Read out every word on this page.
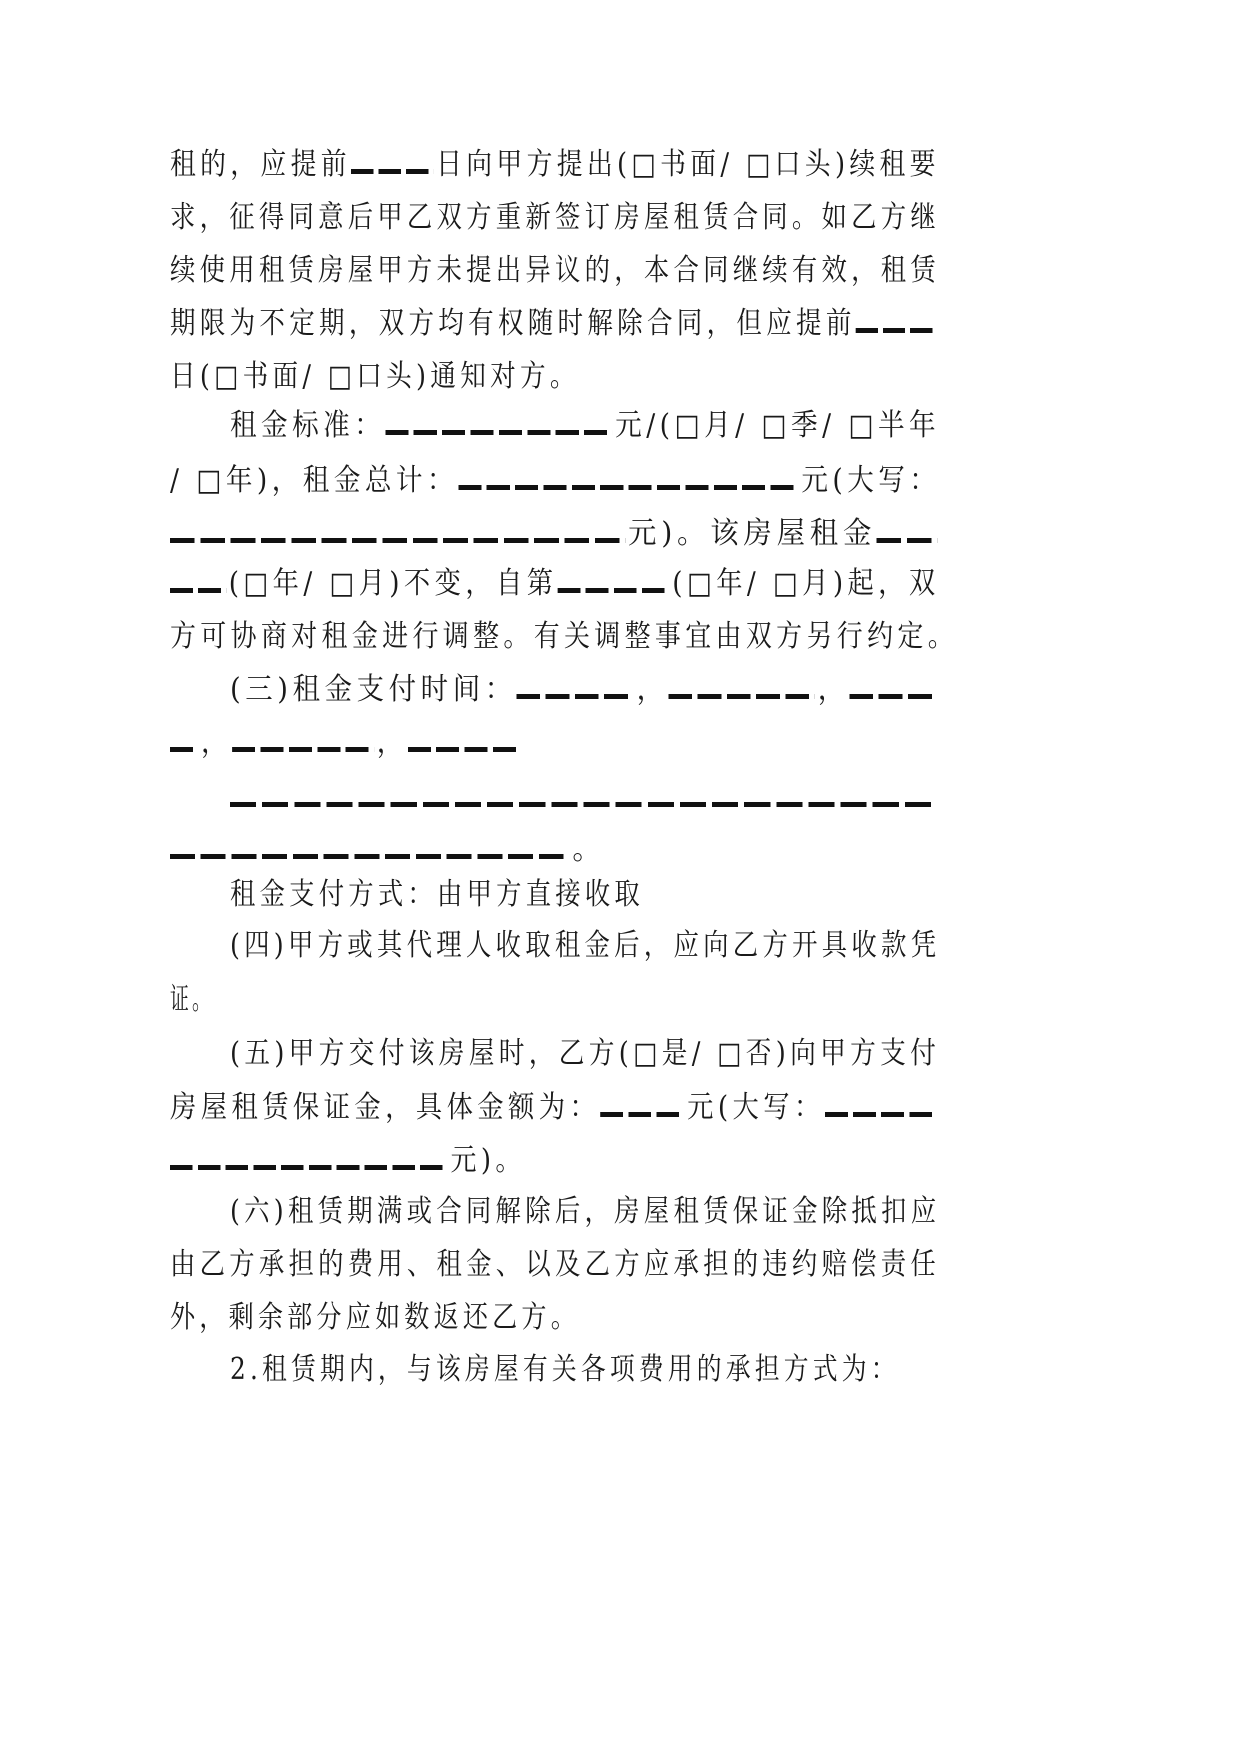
租的，应提前	日向甲方提出(□书面/ □口头)续租要
求，征得同意后甲乙双方重新签订房屋租赁合同。如乙方继
续使用租赁房屋甲方未提出异议的，本合同继续有效，租赁
期限为不定期，双方均有权随时解除合同，但应提前
日(□书面/ □口头)通知对方。
租金标准：	元/(□月/ □季/ □半年
/ □年)，租金总计：	元(大写：
元)。该房屋租金
(□年/ □月)不变，自第	(□年/ □月)起，双
方可协商对租金进行调整。有关调整事宜由双方另行约定。
(三)租金支付时间：	，	，
，	，
。
租金支付方式：由甲方直接收取
(四)甲方或其代理人收取租金后，应向乙方开具收款凭
证。
(五)甲方交付该房屋时，乙方(□是/ □否)向甲方支付
房屋租赁保证金，具体金额为：	元(大写：
元)。
(六)租赁期满或合同解除后，房屋租赁保证金除抵扣应
由乙方承担的费用、租金、以及乙方应承担的违约赔偿责任
外，剩余部分应如数返还乙方。
2.租赁期内，与该房屋有关各项费用的承担方式为：
